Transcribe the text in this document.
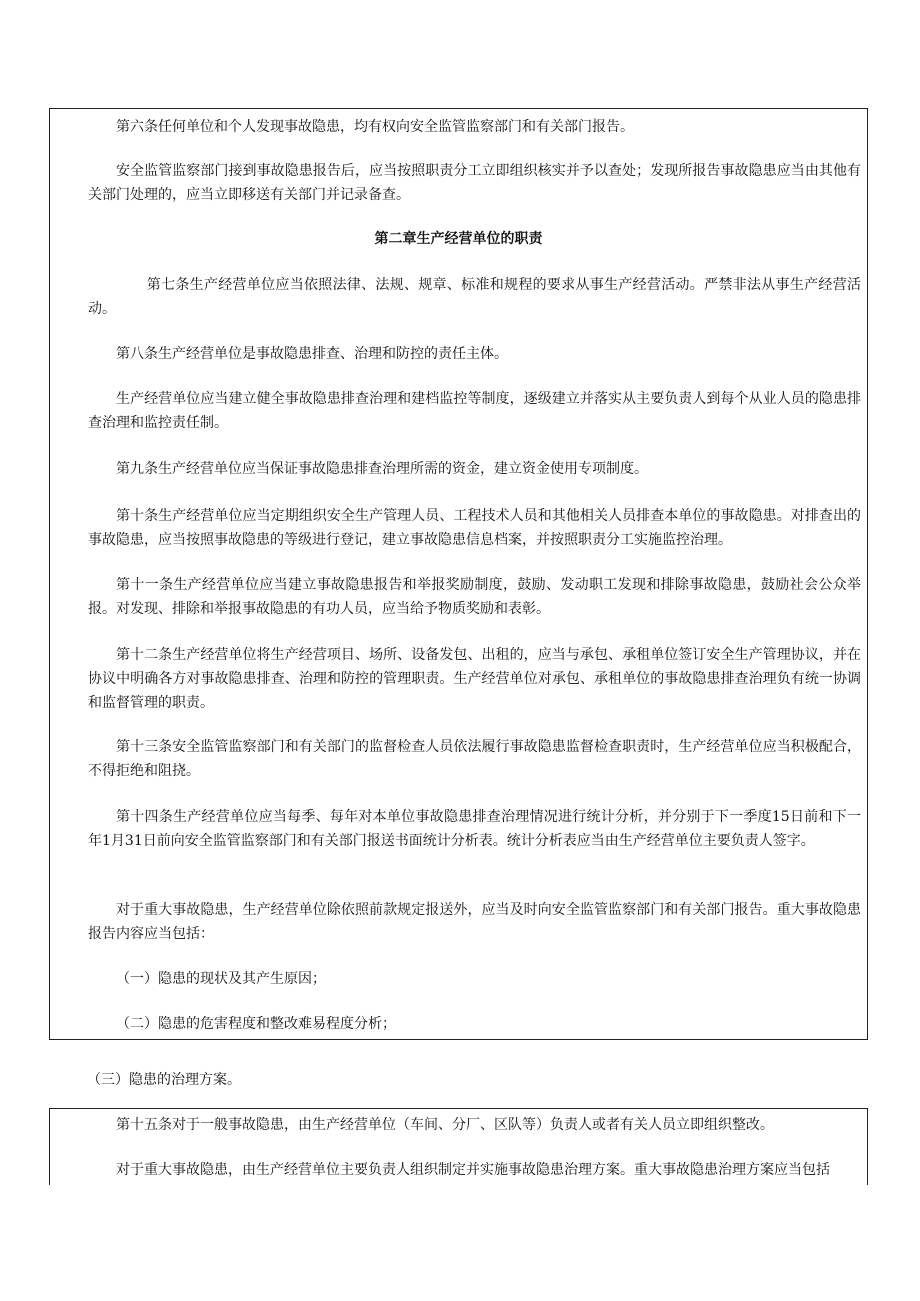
第六条任何单位和个人发现事故隐患，均有权向安全监管监察部门和有关部门报告。

安全监管监察部门接到事故隐患报告后，应当按照职责分工立即组织核实并予以查处；发现所报告事故隐患应当由其他有关部门处理的，应当立即移送有关部门并记录备查。

第二章生产经营单位的职责

第七条生产经营单位应当依照法律、法规、规章、标准和规程的要求从事生产经营活动。严禁非法从事生产经营活动。

第八条生产经营单位是事故隐患排查、治理和防控的责任主体。

生产经营单位应当建立健全事故隐患排查治理和建档监控等制度，逐级建立并落实从主要负责人到每个从业人员的隐患排查治理和监控责任制。

第九条生产经营单位应当保证事故隐患排查治理所需的资金，建立资金使用专项制度。

第十条生产经营单位应当定期组织安全生产管理人员、工程技术人员和其他相关人员排查本单位的事故隐患。对排查出的事故隐患，应当按照事故隐患的等级进行登记，建立事故隐患信息档案，并按照职责分工实施监控治理。

第十一条生产经营单位应当建立事故隐患报告和举报奖励制度，鼓励、发动职工发现和排除事故隐患，鼓励社会公众举报。对发现、排除和举报事故隐患的有功人员，应当给予物质奖励和表彰。

第十二条生产经营单位将生产经营项目、场所、设备发包、出租的，应当与承包、承租单位签订安全生产管理协议，并在协议中明确各方对事故隐患排查、治理和防控的管理职责。生产经营单位对承包、承租单位的事故隐患排查治理负有统一协调和监督管理的职责。

第十三条安全监管监察部门和有关部门的监督检查人员依法履行事故隐患监督检查职责时，生产经营单位应当积极配合，不得拒绝和阻挠。

第十四条生产经营单位应当每季、每年对本单位事故隐患排查治理情况进行统计分析，并分别于下一季度15日前和下一年1月31日前向安全监管监察部门和有关部门报送书面统计分析表。统计分析表应当由生产经营单位主要负责人签字。

对于重大事故隐患，生产经营单位除依照前款规定报送外，应当及时向安全监管监察部门和有关部门报告。重大事故隐患报告内容应当包括：

（一）隐患的现状及其产生原因；

（二）隐患的危害程度和整改难易程度分析；

（三）隐患的治理方案。

第十五条对于一般事故隐患，由生产经营单位（车间、分厂、区队等）负责人或者有关人员立即组织整改。

对于重大事故隐患，由生产经营单位主要负责人组织制定并实施事故隐患治理方案。重大事故隐患治理方案应当包括
